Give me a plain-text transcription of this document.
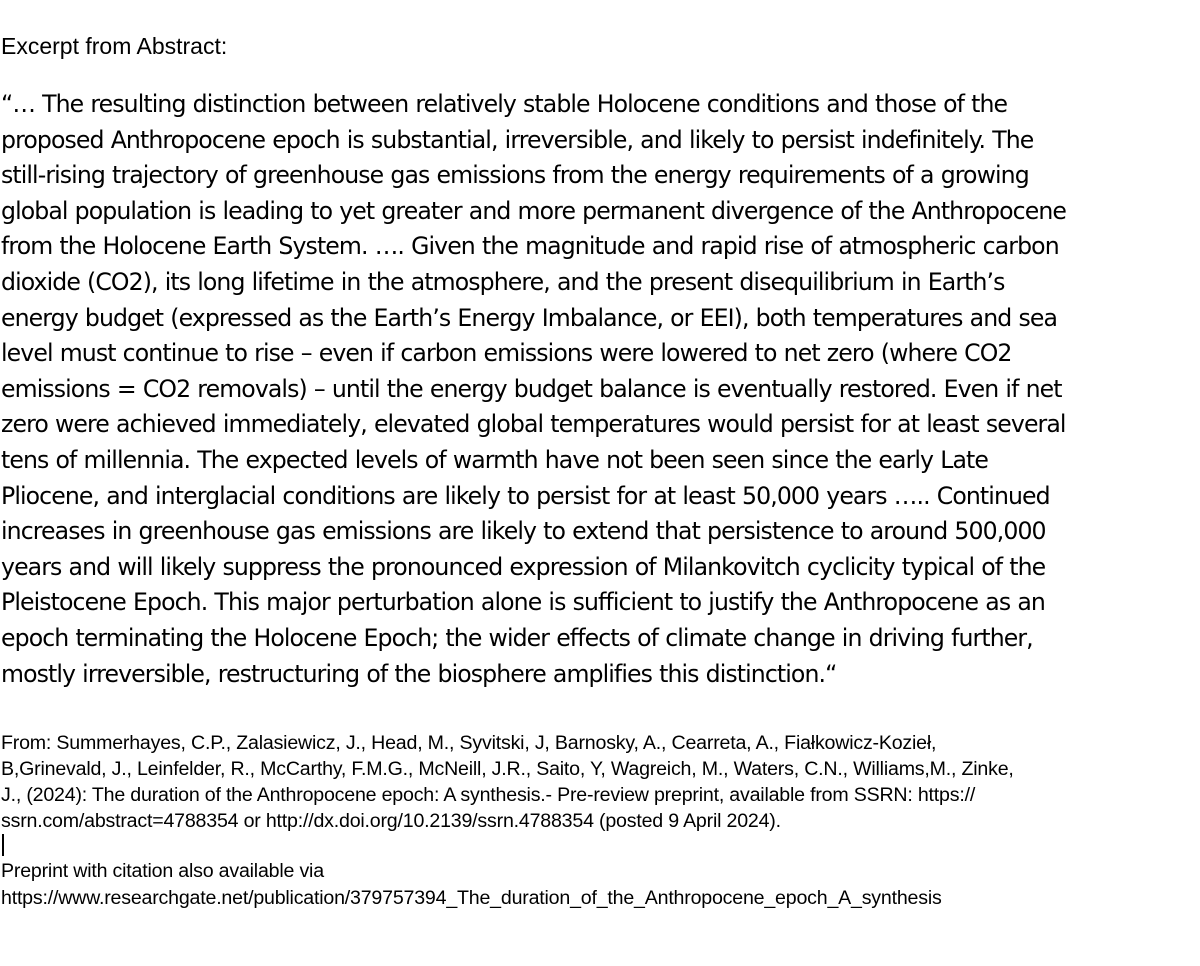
Excerpt from Abstract:

“… The resulting distinction between relatively stable Holocene conditions and those of the
proposed Anthropocene epoch is substantial, irreversible, and likely to persist indefinitely. The
still-rising trajectory of greenhouse gas emissions from the energy requirements of a growing
global population is leading to yet greater and more permanent divergence of the Anthropocene
from the Holocene Earth System. …. Given the magnitude and rapid rise of atmospheric carbon
dioxide (CO2), its long lifetime in the atmosphere, and the present disequilibrium in Earth’s
energy budget (expressed as the Earth’s Energy Imbalance, or EEI), both temperatures and sea
level must continue to rise – even if carbon emissions were lowered to net zero (where CO2
emissions = CO2 removals) – until the energy budget balance is eventually restored. Even if net
zero were achieved immediately, elevated global temperatures would persist for at least several
tens of millennia. The expected levels of warmth have not been seen since the early Late
Pliocene, and interglacial conditions are likely to persist for at least 50,000 years ….. Continued
increases in greenhouse gas emissions are likely to extend that persistence to around 500,000
years and will likely suppress the pronounced expression of Milankovitch cyclicity typical of the
Pleistocene Epoch. This major perturbation alone is sufficient to justify the Anthropocene as an
epoch terminating the Holocene Epoch; the wider effects of climate change in driving further,
mostly irreversible, restructuring of the biosphere amplifies this distinction.“

From: Summerhayes, C.P., Zalasiewicz, J., Head, M., Syvitski, J, Barnosky, A., Cearreta, A., Fiałkowicz-Kozieł,
B,Grinevald, J., Leinfelder, R., McCarthy, F.M.G., McNeill, J.R., Saito, Y, Wagreich, M., Waters, C.N., Williams,M., Zinke,
J., (2024): The duration of the Anthropocene epoch: A synthesis.- Pre-review preprint, available from SSRN: https://
ssrn.com/abstract=4788354 or http://dx.doi.org/10.2139/ssrn.4788354 (posted 9 April 2024).

Preprint with citation also available via
https://www.researchgate.net/publication/379757394_The_duration_of_the_Anthropocene_epoch_A_synthesis
